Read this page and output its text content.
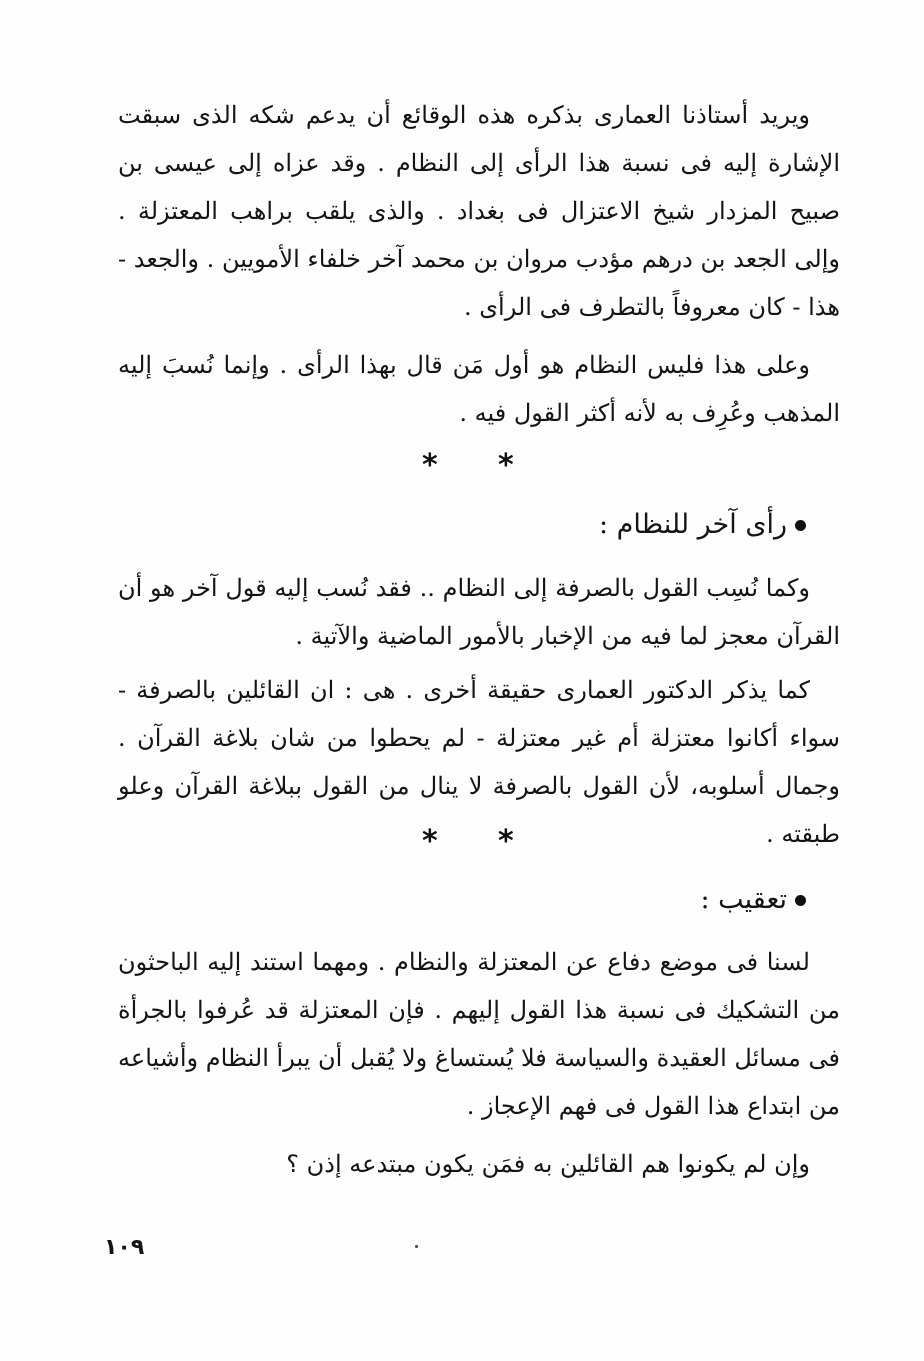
ويريد أستاذنا العمارى بذكره هذه الوقائع أن يدعم شكه الذى سبقت الإشارة إليه فى نسبة هذا الرأى إلى النظام . وقد عزاه إلى عيسى بن صبيح المزدار شيخ الاعتزال فى بغداد . والذى يلقب براهب المعتزلة . وإلى الجعد بن درهم مؤدب مروان بن محمد آخر خلفاء الأمويين . والجعد - هذا - كان معروفاً بالتطرف فى الرأى .

وعلى هذا فليس النظام هو أول مَن قال بهذا الرأى . وإنما نُسبَ إليه المذهب وعُرِف به لأنه أكثر القول فيه .

* *
رأى آخر للنظام :

وكما نُسِب القول بالصرفة إلى النظام .. فقد نُسب إليه قول آخر هو أن القرآن معجز لما فيه من الإخبار بالأمور الماضية والآتية .

كما يذكر الدكتور العمارى حقيقة أخرى . هى : ان القائلين بالصرفة - سواء أكانوا معتزلة أم غير معتزلة - لم يحطوا من شان بلاغة القرآن . وجمال أسلوبه، لأن القول بالصرفة لا ينال من القول ببلاغة القرآن وعلو طبقته .

* *
تعقيب :

لسنا فى موضع دفاع عن المعتزلة والنظام . ومهما استند إليه الباحثون من التشكيك فى نسبة هذا القول إليهم . فإن المعتزلة قد عُرفوا بالجرأة فى مسائل العقيدة والسياسة فلا يُستساغ ولا يُقبل أن يبرأ النظام وأشياعه من ابتداع هذا القول فى فهم الإعجاز .

وإن لم يكونوا هم القائلين به فمَن يكون مبتدعه إذن ؟

١٠٩
